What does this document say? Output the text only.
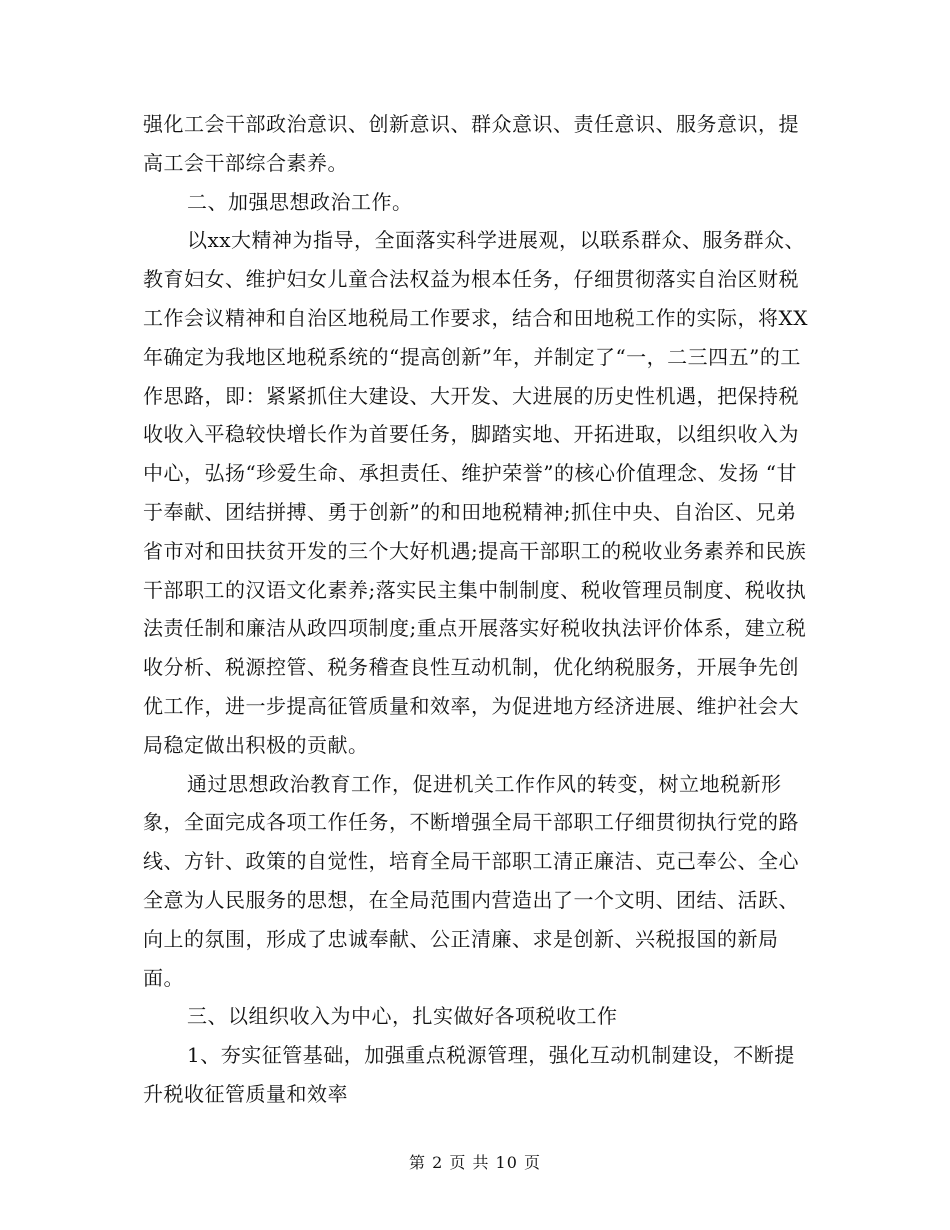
强化工会干部政治意识、创新意识、群众意识、责任意识、服务意识，提高工会干部综合素养。

二、加强思想政治工作。

以xx大精神为指导，全面落实科学进展观，以联系群众、服务群众、教育妇女、维护妇女儿童合法权益为根本任务，仔细贯彻落实自治区财税工作会议精神和自治区地税局工作要求，结合和田地税工作的实际，将XX年确定为我地区地税系统的“提高创新”年，并制定了“一，二三四五”的工作思路，即：紧紧抓住大建设、大开发、大进展的历史性机遇，把保持税收收入平稳较快增长作为首要任务，脚踏实地、开拓进取，以组织收入为中心，弘扬“珍爱生命、承担责任、维护荣誉”的核心价值理念、发扬 “甘于奉献、团结拼搏、勇于创新”的和田地税精神;抓住中央、自治区、兄弟省市对和田扶贫开发的三个大好机遇;提高干部职工的税收业务素养和民族干部职工的汉语文化素养;落实民主集中制制度、税收管理员制度、税收执法责任制和廉洁从政四项制度;重点开展落实好税收执法评价体系，建立税收分析、税源控管、税务稽查良性互动机制，优化纳税服务，开展争先创优工作，进一步提高征管质量和效率，为促进地方经济进展、维护社会大局稳定做出积极的贡献。

通过思想政治教育工作，促进机关工作作风的转变，树立地税新形象，全面完成各项工作任务，不断增强全局干部职工仔细贯彻执行党的路线、方针、政策的自觉性，培育全局干部职工清正廉洁、克己奉公、全心全意为人民服务的思想，在全局范围内营造出了一个文明、团结、活跃、向上的氛围，形成了忠诚奉献、公正清廉、求是创新、兴税报国的新局面。

三、以组织收入为中心，扎实做好各项税收工作

1、夯实征管基础，加强重点税源管理，强化互动机制建设，不断提升税收征管质量和效率

第 2 页 共 10 页
